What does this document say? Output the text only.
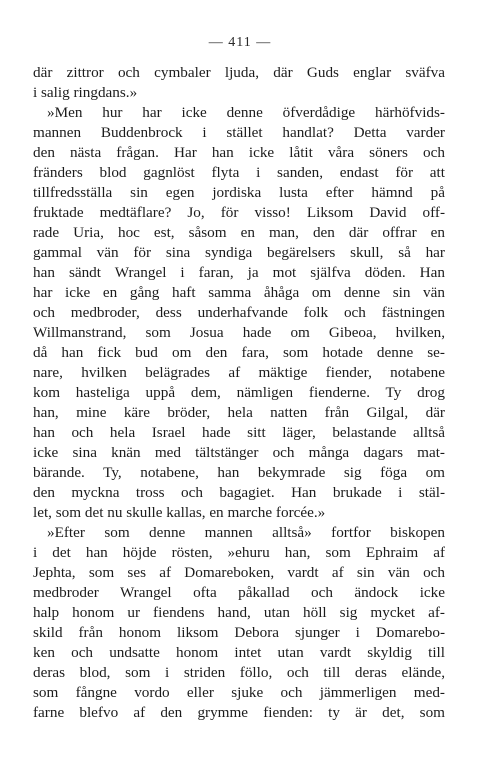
— 411 —
där zittror och cymbaler ljuda, där Guds englar sväfva
i salig ringdans.»
»Men hur har icke denne öfverdådige härhöfvids-
mannen Buddenbrock i stället handlat? Detta varder
den nästa frågan. Har han icke låtit våra söners och
fränders blod gagnlöst flyta i sanden, endast för att
tillfredsställa sin egen jordiska lusta efter hämnd på
fruktade medtäflare? Jo, för visso! Liksom David off-
rade Uria, hoc est, såsom en man, den där offrar en
gammal vän för sina syndiga begärelsers skull, så har
han sändt Wrangel i faran, ja mot själfva döden. Han
har icke en gång haft samma åhåga om denne sin vän
och medbroder, dess underhafvande folk och fästningen
Willmanstrand, som Josua hade om Gibeoa, hvilken,
då han fick bud om den fara, som hotade denne se-
nare, hvilken belägrades af mäktige fiender, notabene
kom hasteliga uppå dem, nämligen fienderne. Ty drog
han, mine käre bröder, hela natten från Gilgal, där
han och hela Israel hade sitt läger, belastande alltså
icke sina knän med tältstänger och många dagars mat-
bärande. Ty, notabene, han bekymrade sig föga om
den myckna tross och bagagiet. Han brukade i stäl-
let, som det nu skulle kallas, en marche forcée.»
»Efter som denne mannen alltså» fortfor biskopen
i det han höjde rösten, »ehuru han, som Ephraim af
Jephta, som ses af Domareboken, vardt af sin vän och
medbroder Wrangel ofta påkallad och ändock icke
halp honom ur fiendens hand, utan höll sig mycket af-
skild från honom liksom Debora sjunger i Domarebo-
ken och undsatte honom intet utan vardt skyldig till
deras blod, som i striden föllo, och till deras elände,
som fångne vordo eller sjuke och jämmerligen med-
farne blefvo af den grymme fienden: ty är det, som
